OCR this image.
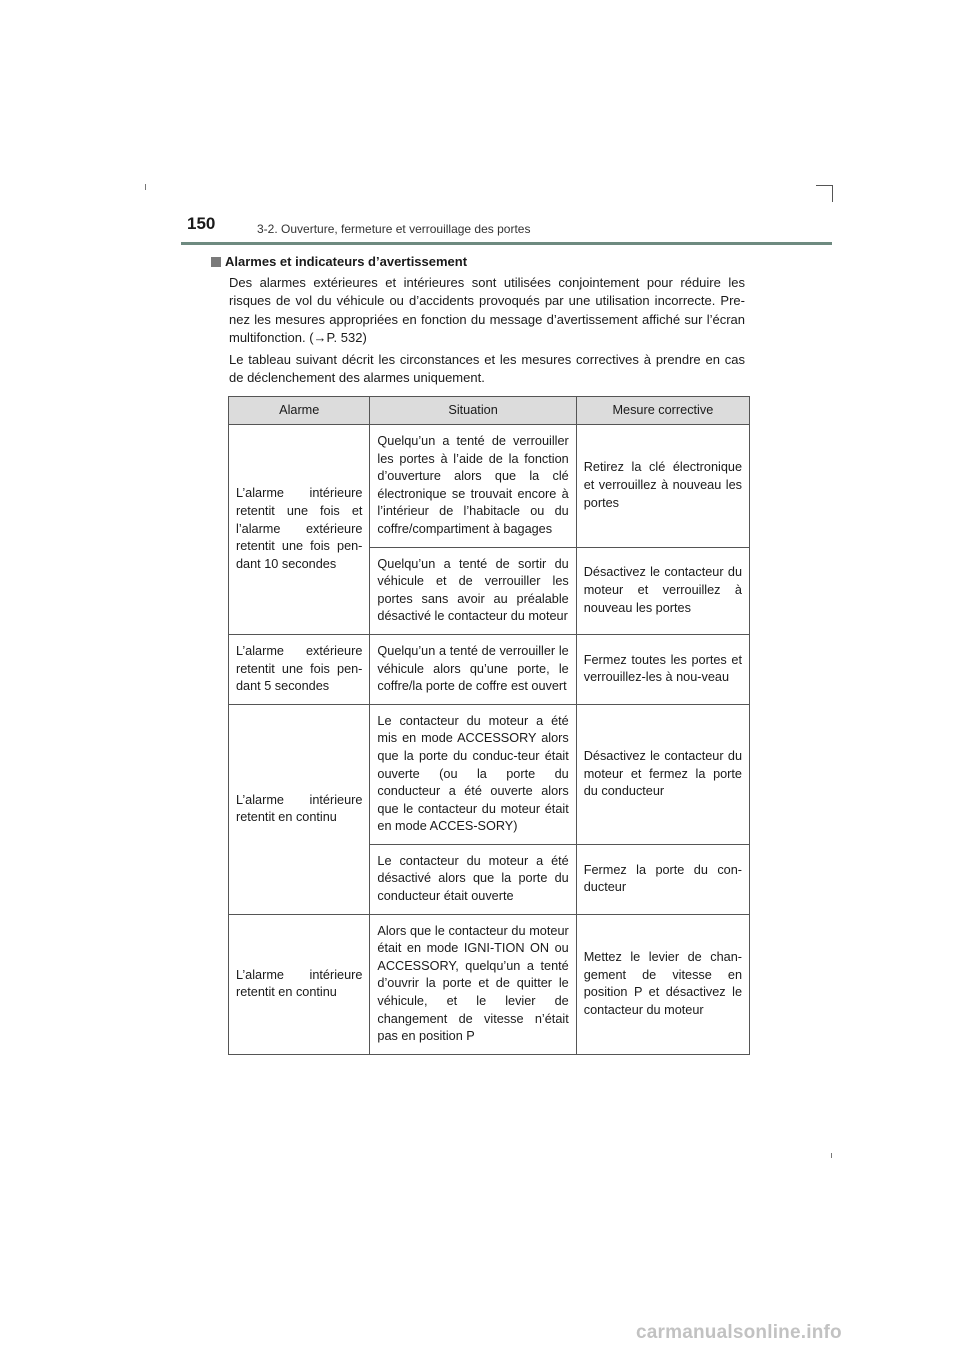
150	3-2. Ouverture, fermeture et verrouillage des portes
Alarmes et indicateurs d’avertissement
Des alarmes extérieures et intérieures sont utilisées conjointement pour réduire les risques de vol du véhicule ou d’accidents provoqués par une utilisation incorrecte. Pre-nez les mesures appropriées en fonction du message d’avertissement affiché sur l’écran multifonction. (→P. 532)
Le tableau suivant décrit les circonstances et les mesures correctives à prendre en cas de déclenchement des alarmes uniquement.
Alarme	Situation	Mesure corrective
L’alarme intérieure retentit une fois et l’alarme extérieure retentit une fois pen-dant 10 secondes	Quelqu’un a tenté de verrouiller les portes à l’aide de la fonction d’ouverture alors que la clé électronique se trouvait encore à l’intérieur de l’habitacle ou du coffre/compartiment à bagages	Retirez la clé électronique et verrouillez à nouveau les portes
	Quelqu’un a tenté de sortir du véhicule et de verrouiller les portes sans avoir au préalable désactivé le contacteur du moteur	Désactivez le contacteur du moteur et verrouillez à nouveau les portes
L’alarme extérieure retentit une fois pen-dant 5 secondes	Quelqu’un a tenté de verrouiller le véhicule alors qu’une porte, le coffre/la porte de coffre est ouvert	Fermez toutes les portes et verrouillez-les à nou-veau
L’alarme intérieure retentit en continu	Le contacteur du moteur a été mis en mode ACCESSORY alors que la porte du conduc-teur était ouverte (ou la porte du conducteur a été ouverte alors que le contacteur du moteur était en mode ACCES-SORY)	Désactivez le contacteur du moteur et fermez la porte du conducteur
	Le contacteur du moteur a été désactivé alors que la porte du conducteur était ouverte	Fermez la porte du con-ducteur
L’alarme intérieure retentit en continu	Alors que le contacteur du moteur était en mode IGNI-TION ON ou ACCESSORY, quelqu’un a tenté d’ouvrir la porte et de quitter le véhicule, et le levier de changement de vitesse n’était pas en position P	Mettez le levier de chan-gement de vitesse en position P et désactivez le contacteur du moteur
carmanualsonline.info
